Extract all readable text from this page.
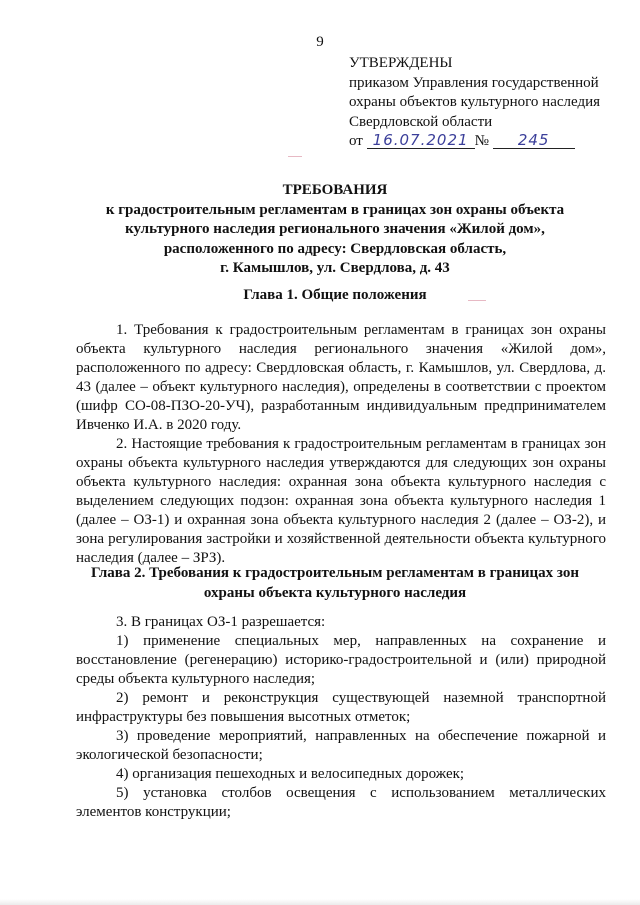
9
УТВЕРЖДЕНЫ
приказом Управления государственной
охраны объектов культурного наследия
Свердловской области
от 16.07.2021 № 245
ТРЕБОВАНИЯ
к градостроительным регламентам в границах зон охраны объекта
культурного наследия регионального значения «Жилой дом»,
расположенного по адресу: Свердловская область,
г. Камышлов, ул. Свердлова, д. 43
Глава 1. Общие положения

1. Требования к градостроительным регламентам в границах зон охраны объекта культурного наследия регионального значения «Жилой дом», расположенного по адресу: Свердловская область, г. Камышлов, ул. Свердлова, д. 43 (далее – объект культурного наследия), определены в соответствии с проектом (шифр СО-08-ПЗО-20-УЧ), разработанным индивидуальным предпринимателем Ивченко И.А. в 2020 году.

2. Настоящие требования к градостроительным регламентам в границах зон охраны объекта культурного наследия утверждаются для следующих зон охраны объекта культурного наследия: охранная зона объекта культурного наследия с выделением следующих подзон: охранная зона объекта культурного наследия 1 (далее – ОЗ-1) и охранная зона объекта культурного наследия 2 (далее – ОЗ-2), и зона регулирования застройки и хозяйственной деятельности объекта культурного наследия (далее – ЗРЗ).

Глава 2. Требования к градостроительным регламентам в границах зон
охраны объекта культурного наследия

3. В границах ОЗ-1 разрешается:

1) применение специальных мер, направленных на сохранение и восстановление (регенерацию) историко-градостроительной и (или) природной среды объекта культурного наследия;

2) ремонт и реконструкция существующей наземной транспортной инфраструктуры без повышения высотных отметок;

3) проведение мероприятий, направленных на обеспечение пожарной и экологической безопасности;

4) организация пешеходных и велосипедных дорожек;

5) установка столбов освещения с использованием металлических элементов конструкции;
